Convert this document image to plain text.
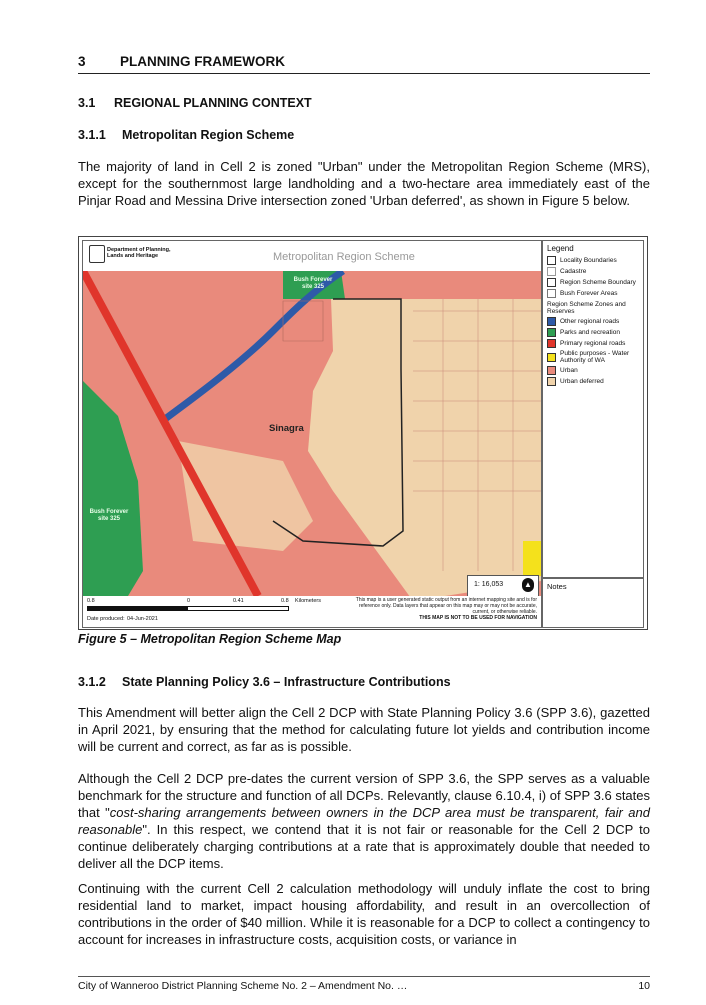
3	PLANNING FRAMEWORK
3.1 REGIONAL PLANNING CONTEXT
3.1.1 Metropolitan Region Scheme
The majority of land in Cell 2 is zoned "Urban" under the Metropolitan Region Scheme (MRS), except for the southernmost large landholding and a two-hectare area immediately east of the Pinjar Road and Messina Drive intersection zoned 'Urban deferred', as shown in Figure 5 below.
Department of Planning,
Lands and Heritage	Metropolitan Region Scheme
Bush Forever site 325
Bush Forever site 325
Sinagra
1: 16,053	▲
0.8	0	0.41	0.8 Kilometers
Date produced: 04-Jun-2021
This map is a user generated static output from an internet mapping site and is for reference only. Data layers that appear on this map may or may not be accurate, current, or otherwise reliable.
THIS MAP IS NOT TO BE USED FOR NAVIGATION
Legend
Locality Boundaries
Cadastre
Region Scheme Boundary
Bush Forever Areas
Region Scheme Zones and Reserves
Other regional roads
Parks and recreation
Primary regional roads
Public purposes - Water Authority of WA
Urban
Urban deferred
Notes
Figure 5 – Metropolitan Region Scheme Map
3.1.2 State Planning Policy 3.6 – Infrastructure Contributions
This Amendment will better align the Cell 2 DCP with State Planning Policy 3.6 (SPP 3.6), gazetted in April 2021, by ensuring that the method for calculating future lot yields and contribution income will be current and correct, as far as is possible.
Although the Cell 2 DCP pre-dates the current version of SPP 3.6, the SPP serves as a valuable benchmark for the structure and function of all DCPs. Relevantly, clause 6.10.4, i) of SPP 3.6 states that "cost-sharing arrangements between owners in the DCP area must be transparent, fair and reasonable". In this respect, we contend that it is not fair or reasonable for the Cell 2 DCP to continue deliberately charging contributions at a rate that is approximately double that needed to deliver all the DCP items.
Continuing with the current Cell 2 calculation methodology will unduly inflate the cost to bring residential land to market, impact housing affordability, and result in an overcollection of contributions in the order of $40 million. While it is reasonable for a DCP to collect a contingency to account for increases in infrastructure costs, acquisition costs, or variance in
City of Wanneroo District Planning Scheme No. 2 – Amendment No. …	10
